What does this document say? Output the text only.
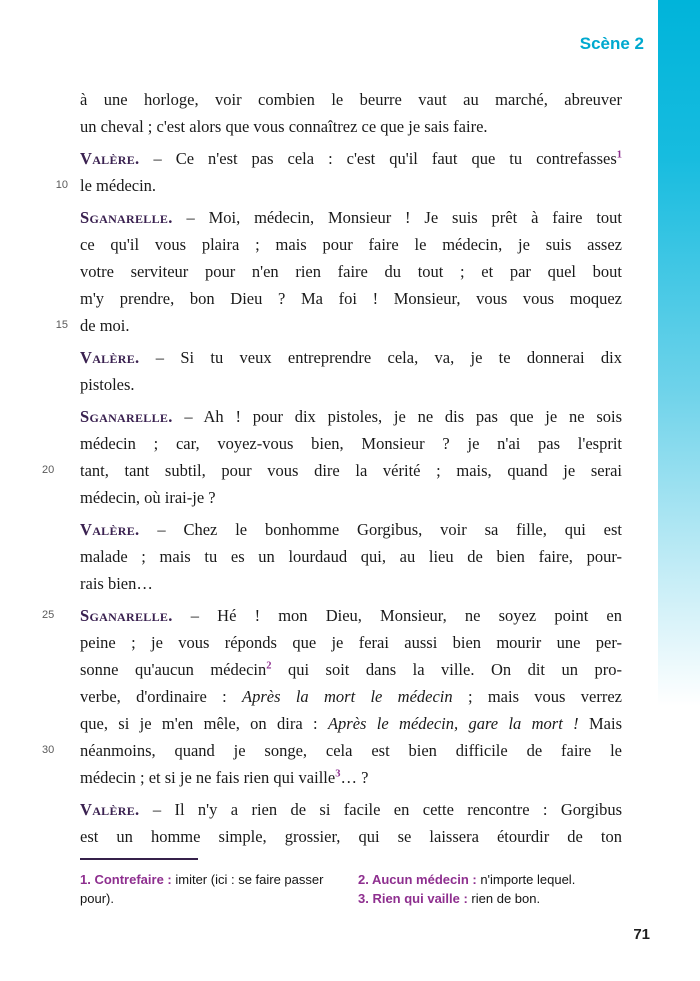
Scène 2
à une horloge, voir combien le beurre vaut au marché, abreuver
un cheval ; c'est alors que vous connaîtrez ce que je sais faire.
Valère. – Ce n'est pas cela : c'est qu'il faut que tu contrefasses$^1$
10 le médecin.
Sganarelle. – Moi, médecin, Monsieur ! Je suis prêt à faire tout
ce qu'il vous plaira ; mais pour faire le médecin, je suis assez
votre serviteur pour n'en rien faire du tout ; et par quel bout
m'y prendre, bon Dieu ? Ma foi ! Monsieur, vous vous moquez
15 de moi.
Valère. – Si tu veux entreprendre cela, va, je te donnerai dix
pistoles.
Sganarelle. – Ah ! pour dix pistoles, je ne dis pas que je ne sois
médecin ; car, voyez-vous bien, Monsieur ? je n'ai pas l'esprit
20	tant, tant subtil, pour vous dire la vérité ; mais, quand je serai
médecin, où irai-je ?
Valère. – Chez le bonhomme Gorgibus, voir sa fille, qui est
malade ; mais tu es un lourdaud qui, au lieu de bien faire, pour-
rais bien…
25	Sganarelle. – Hé ! mon Dieu, Monsieur, ne soyez point en
peine ; je vous réponds que je ferai aussi bien mourir une per-
sonne qu'aucun médecin$^2$ qui soit dans la ville. On dit un pro-
verbe, d'ordinaire : Après la mort le médecin ; mais vous verrez
que, si je m'en mêle, on dira : Après le médecin, gare la mort ! Mais
30	néanmoins, quand je songe, cela est bien difficile de faire le
médecin ; et si je ne fais rien qui vaille$^3$… ?
Valère. – Il n'y a rien de si facile en cette rencontre : Gorgibus
est un homme simple, grossier, qui se laissera étourdir de ton
1. Contrefaire : imiter (ici : se faire passer pour).
2. Aucun médecin : n'importe lequel.
3. Rien qui vaille : rien de bon.
71
